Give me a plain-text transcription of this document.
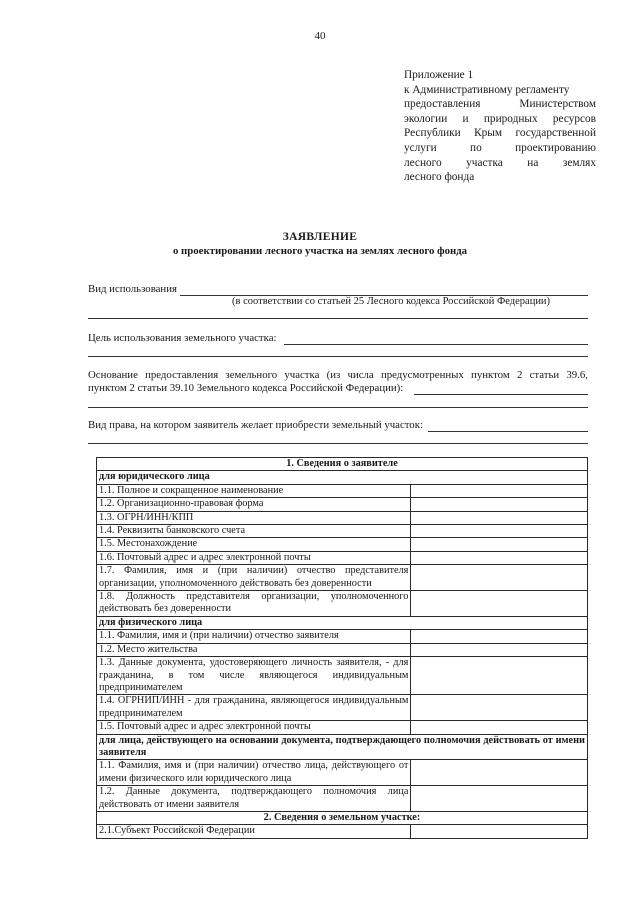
40
Приложение 1
к Административному регламенту
предоставления Министерством
экологии и природных ресурсов
Республики Крым государственной
услуги по проектированию
лесного участка на землях
лесного фонда
ЗАЯВЛЕНИЕ
о проектировании лесного участка на землях лесного фонда
Вид использования
(в соответствии со статьей 25 Лесного кодекса Российской Федерации)
Цель использования земельного участка:
Основание предоставления земельного участка (из числа предусмотренных пунктом 2 статьи 39.6,
пунктом 2 статьи 39.10 Земельного кодекса Российской Федерации):
Вид права, на котором заявитель желает приобрести земельный участок:
1. Сведения о заявителе	
для юридического лица	
1.1. Полное и сокращенное наименование	
1.2. Организационно-правовая форма	
1.3. ОГРН/ИНН/КПП	
1.4. Реквизиты банковского счета	
1.5. Местонахождение	
1.6. Почтовый адрес и адрес электронной почты	
1.7. Фамилия, имя и (при наличии) отчество представителя организации, уполномоченного действовать без доверенности	
1.8. Должность представителя организации, уполномоченного действовать без доверенности	
для физического лица	
1.1. Фамилия, имя и (при наличии) отчество заявителя	
1.2. Место жительства	
1.3. Данные документа, удостоверяющего личность заявителя, - для гражданина, в том числе являющегося индивидуальным предпринимателем	
1.4. ОГРНИП/ИНН - для гражданина, являющегося индивидуальным предпринимателем	
1.5. Почтовый адрес и адрес электронной почты	
для лица, действующего на основании документа, подтверждающего полномочия действовать от имени заявителя	
1.1. Фамилия, имя и (при наличии) отчество лица, действующего от имени физического или юридического лица	
1.2. Данные документа, подтверждающего полномочия лица действовать от имени заявителя	
2. Сведения о земельном участке:	
2.1.Субъект Российской Федерации	
